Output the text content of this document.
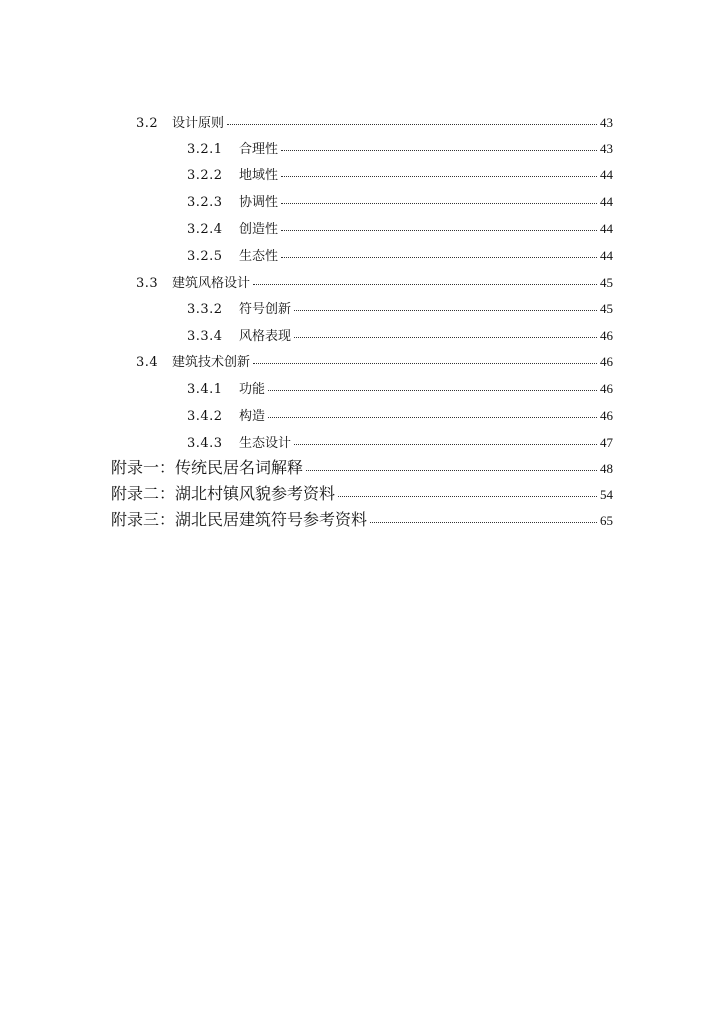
3.2	设计原则	43
3.2.1	合理性	43
3.2.2	地域性	44
3.2.3	协调性	44
3.2.4	创造性	44
3.2.5	生态性	44
3.3	建筑风格设计	45
3.3.2	符号创新	45
3.3.4	风格表现	46
3.4	建筑技术创新	46
3.4.1	功能	46
3.4.2	构造	46
3.4.3	生态设计	47
附录一：传统民居名词解释	48
附录二：湖北村镇风貌参考资料	54
附录三：湖北民居建筑符号参考资料	65
